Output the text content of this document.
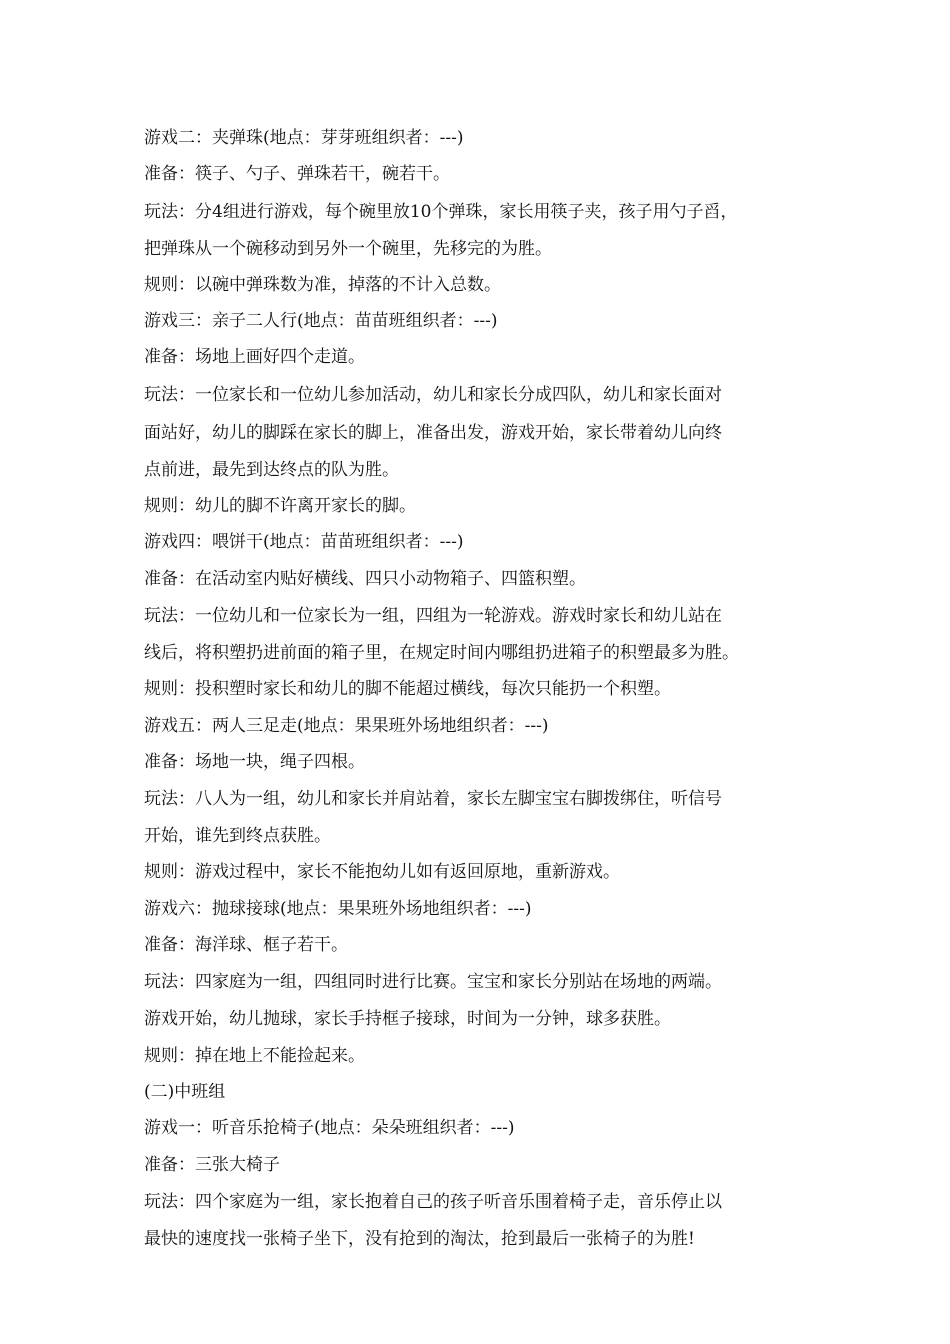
游戏二：夹弹珠(地点：芽芽班组织者：---)
准备：筷子、勺子、弹珠若干，碗若干。
玩法：分4组进行游戏，每个碗里放10个弹珠，家长用筷子夹，孩子用勺子舀，
把弹珠从一个碗移动到另外一个碗里，先移完的为胜。
规则：以碗中弹珠数为准，掉落的不计入总数。
游戏三：亲子二人行(地点：苗苗班组织者：---)
准备：场地上画好四个走道。
玩法：一位家长和一位幼儿参加活动，幼儿和家长分成四队，幼儿和家长面对
面站好，幼儿的脚踩在家长的脚上，准备出发，游戏开始，家长带着幼儿向终
点前进，最先到达终点的队为胜。
规则：幼儿的脚不许离开家长的脚。
游戏四：喂饼干(地点：苗苗班组织者：---)
准备：在活动室内贴好横线、四只小动物箱子、四篮积塑。
玩法：一位幼儿和一位家长为一组，四组为一轮游戏。游戏时家长和幼儿站在
线后，将积塑扔进前面的箱子里，在规定时间内哪组扔进箱子的积塑最多为胜。
规则：投积塑时家长和幼儿的脚不能超过横线，每次只能扔一个积塑。
游戏五：两人三足走(地点：果果班外场地组织者：---)
准备：场地一块，绳子四根。
玩法：八人为一组，幼儿和家长并肩站着，家长左脚宝宝右脚拨绑住，听信号
开始，谁先到终点获胜。
规则：游戏过程中，家长不能抱幼儿如有返回原地，重新游戏。
游戏六：抛球接球(地点：果果班外场地组织者：---)
准备：海洋球、框子若干。
玩法：四家庭为一组，四组同时进行比赛。宝宝和家长分别站在场地的两端。
游戏开始，幼儿抛球，家长手持框子接球，时间为一分钟，球多获胜。
规则：掉在地上不能捡起来。
(二)中班组
游戏一：听音乐抢椅子(地点：朵朵班组织者：---)
准备：三张大椅子
玩法：四个家庭为一组，家长抱着自己的孩子听音乐围着椅子走，音乐停止以
最快的速度找一张椅子坐下，没有抢到的淘汰，抢到最后一张椅子的为胜!
